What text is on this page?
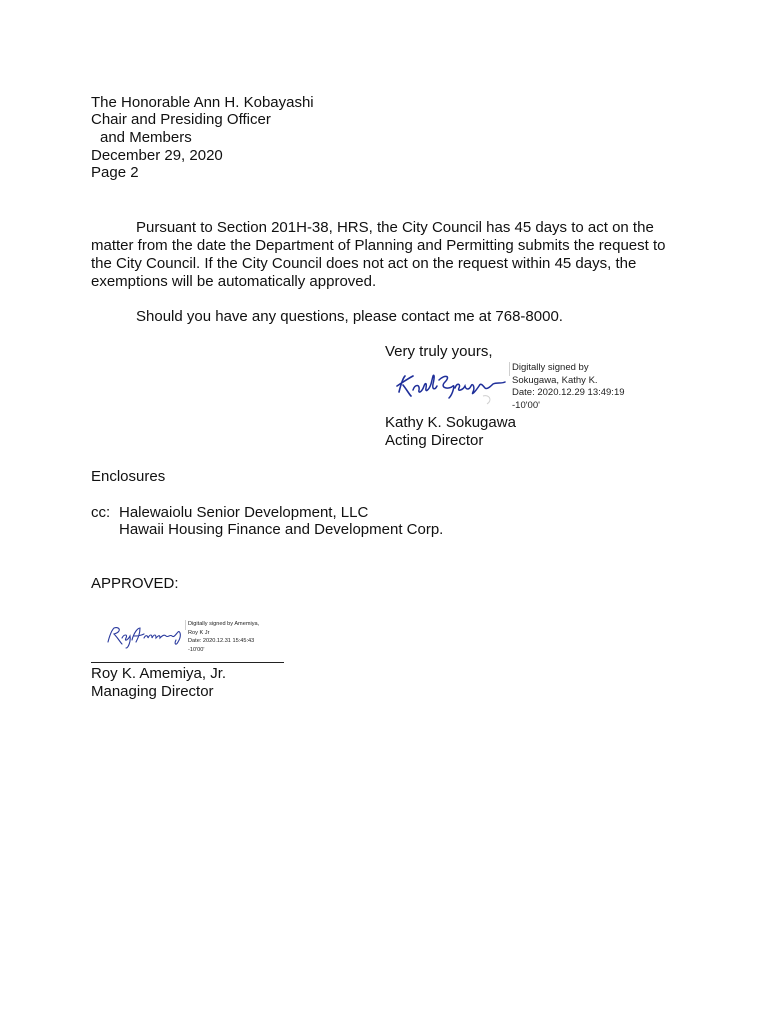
The Honorable Ann H. Kobayashi
Chair and Presiding Officer
and Members
December 29, 2020
Page 2
Pursuant to Section 201H-38, HRS, the City Council has 45 days to act on the
matter from the date the Department of Planning and Permitting submits the request to
the City Council. If the City Council does not act on the request within 45 days, the
exemptions will be automatically approved.
Should you have any questions, please contact me at 768-8000.
Very truly yours,
Digitally signed by
Sokugawa, Kathy K.
Date: 2020.12.29 13:49:19
-10'00'
Kathy K. Sokugawa
Acting Director
Enclosures
cc: Halewaiolu Senior Development, LLC
Hawaii Housing Finance and Development Corp.
APPROVED:
Digitally signed by Amemiya,
Roy K Jr
Date: 2020.12.31 15:45:43
-10'00'
Roy K. Amemiya, Jr.
Managing Director
